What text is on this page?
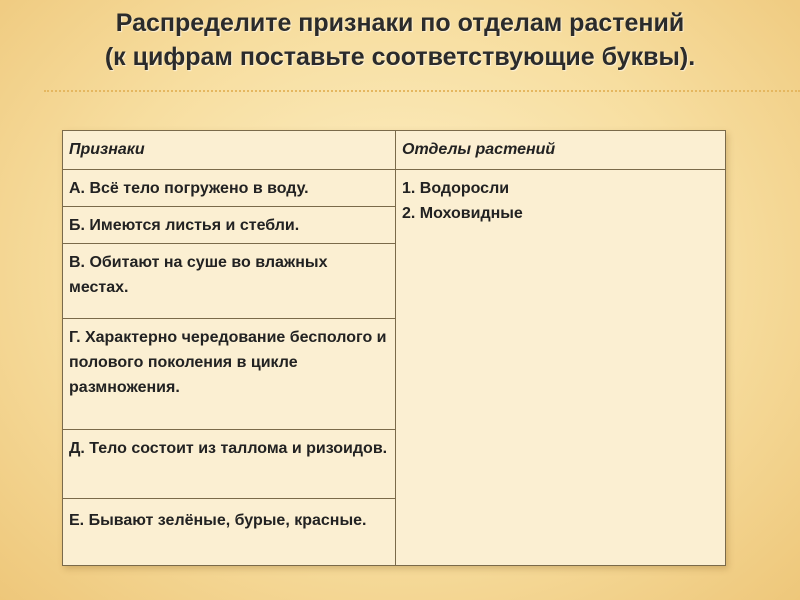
Распределите признаки по отделам растений
(к цифрам поставьте соответствующие буквы).
Признаки	Отделы растений
А. Всё тело погружено в воду.	1. Водоросли
2. Моховидные

Б. Имеются листья и стебли.	
В. Обитают на суше во влажных местах.	
Г. Характерно чередование бесполого и полового поколения в цикле размножения.	
Д. Тело состоит из таллома и ризоидов.	
Е. Бывают зелёные, бурые, красные.	
